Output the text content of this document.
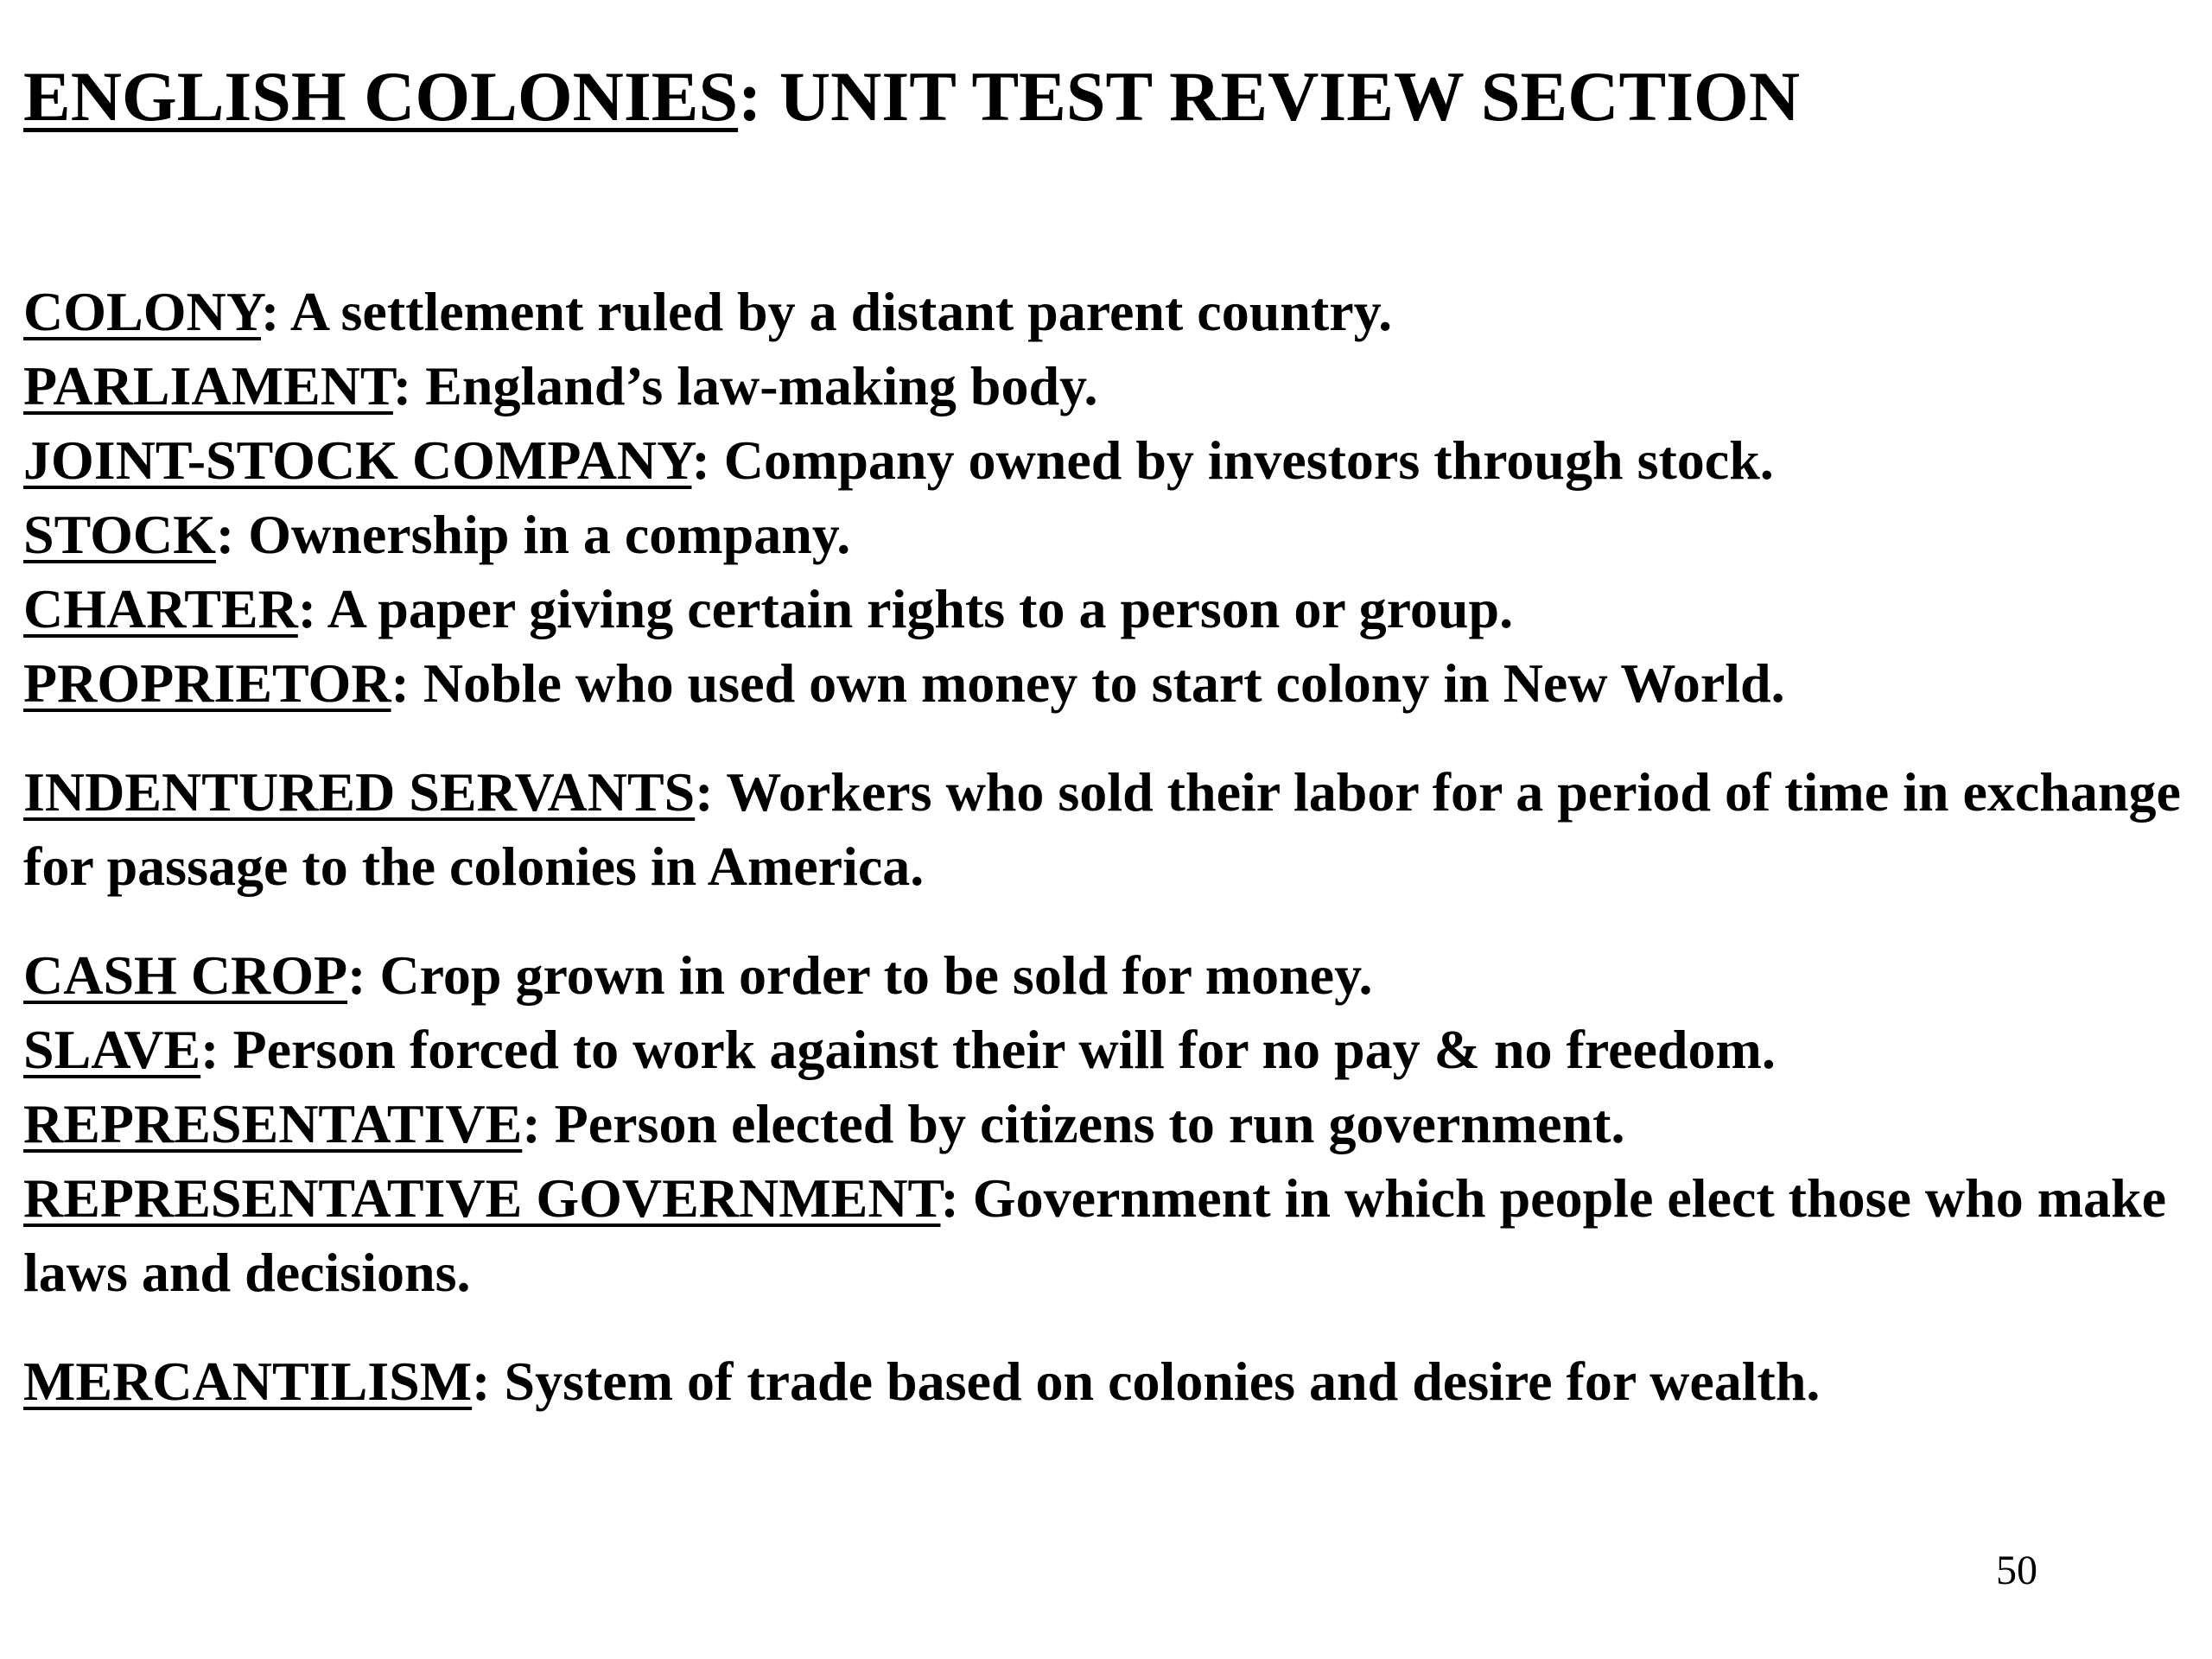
ENGLISH COLONIES: UNIT TEST REVIEW SECTION

COLONY: A settlement ruled by a distant parent country.

PARLIAMENT: England’s law-making body.

JOINT-STOCK COMPANY: Company owned by investors through stock.

STOCK: Ownership in a company.

CHARTER: A paper giving certain rights to a person or group.

PROPRIETOR: Noble who used own money to start colony in New World.

INDENTURED SERVANTS: Workers who sold their labor for a period of time in exchange for passage to the colonies in America.

CASH CROP: Crop grown in order to be sold for money.

SLAVE: Person forced to work against their will for no pay & no freedom.

REPRESENTATIVE: Person elected by citizens to run government.

REPRESENTATIVE GOVERNMENT: Government in which people elect those who make laws and decisions.

MERCANTILISM: System of trade based on colonies and desire for wealth.

50
